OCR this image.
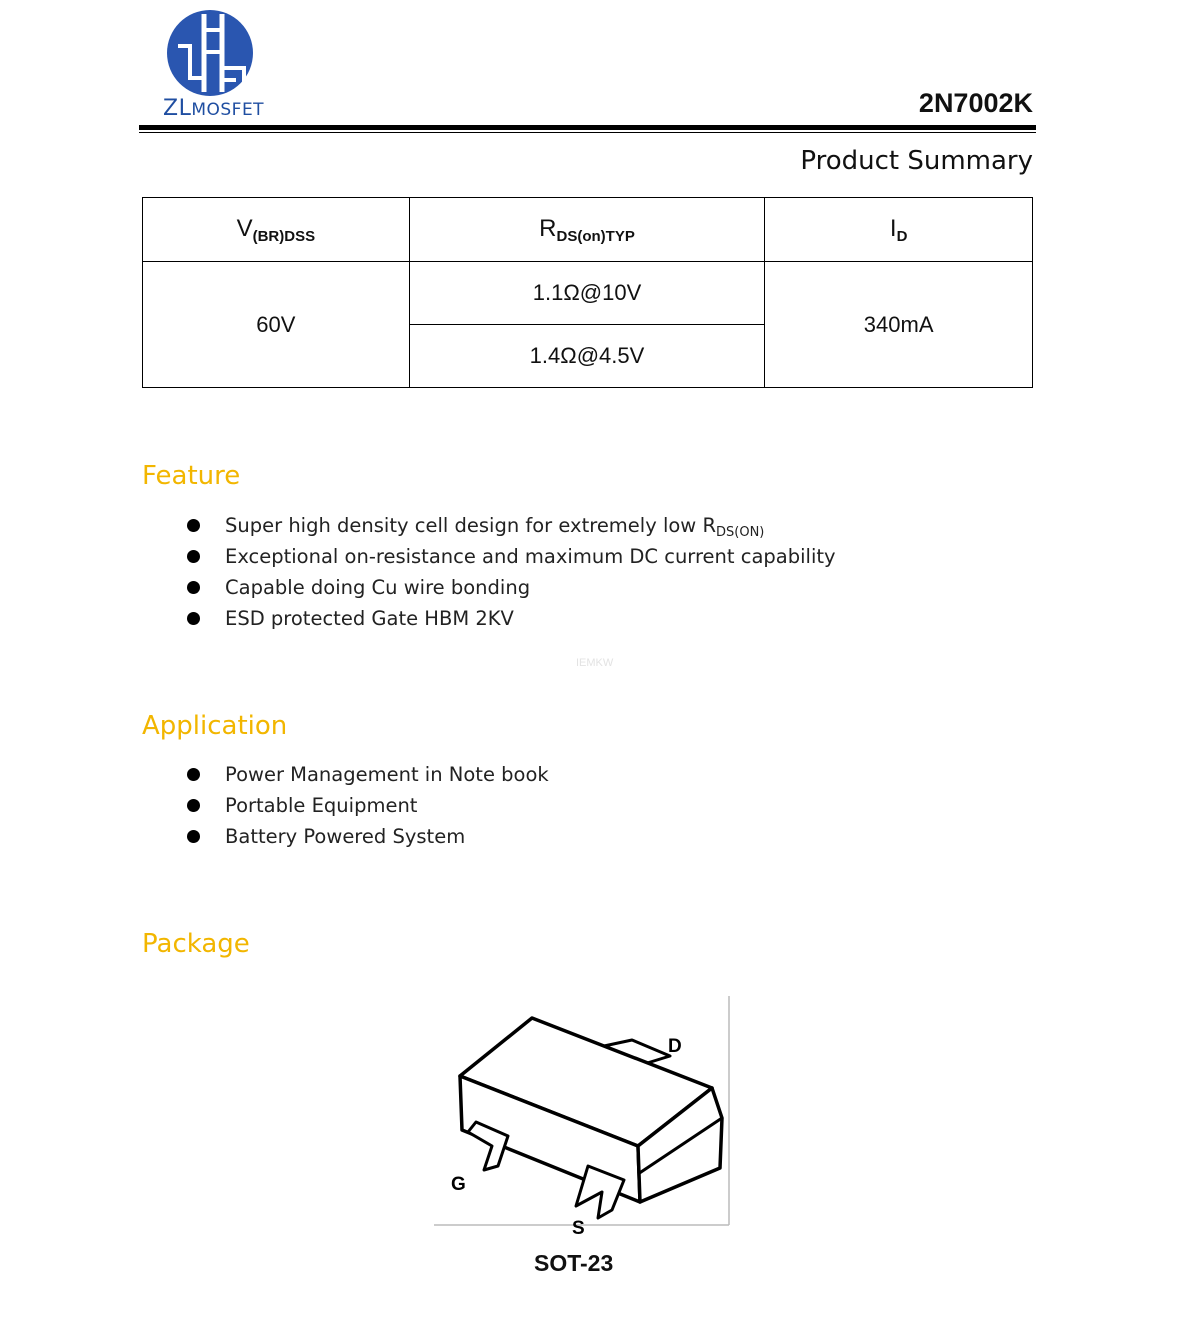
ZLMOSFET	2N7002K
Product Summary
$V_{(BR)DSS}$	$R_{DS(on)TYP}$	$I_D$
60V	1.1Ω@10V	340mA
	1.4Ω@4.5V	
Feature
Super high density cell design for extremely low $R_{DS(ON)}$
Exceptional on-resistance and maximum DC current capability
Capable doing Cu wire bonding
ESD protected Gate HBM 2KV
IEMKW
Application
Power Management in Note book
Portable Equipment
Battery Powered System
Package
D
G
S
SOT-23
